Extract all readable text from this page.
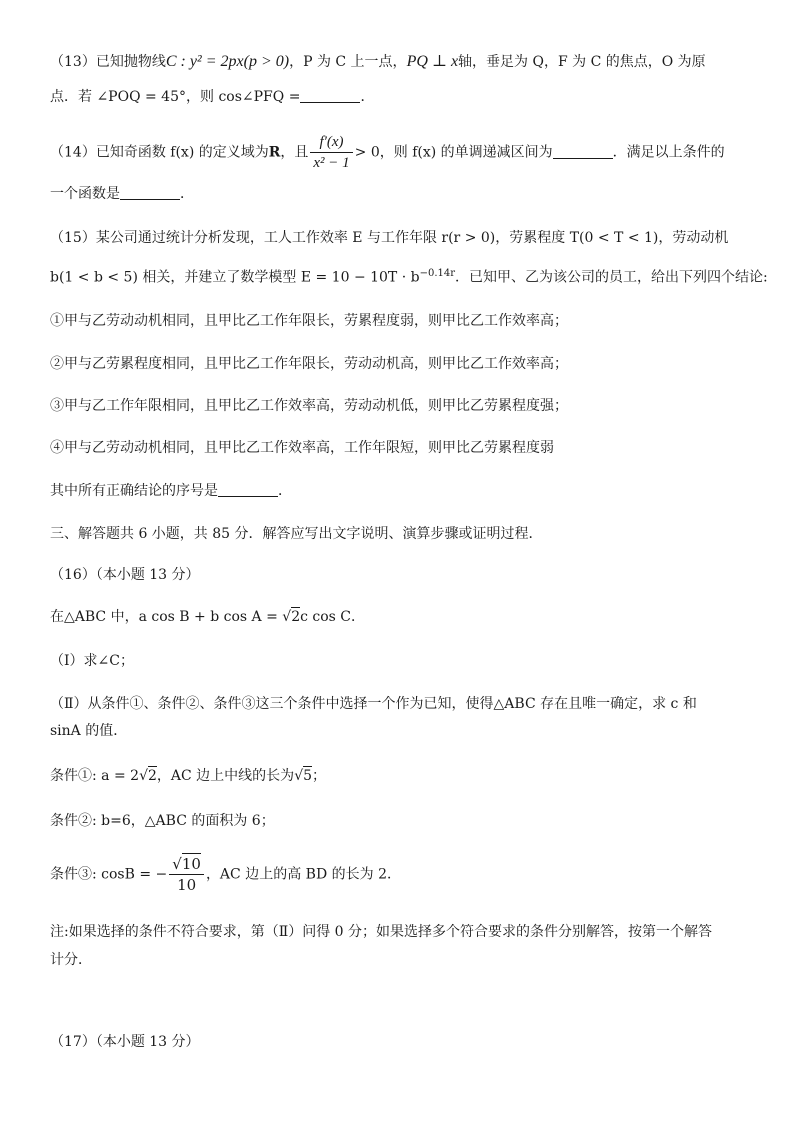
（13）已知抛物线C : y² = 2px(p > 0)，P 为 C 上一点，PQ ⊥ x轴，垂足为 Q，F 为 C 的焦点，O 为原
点．若 ∠POQ = 45°，则 cos∠PFQ =	．
（14）已知奇函数 f(x) 的定义域为R，且 $\frac{f'(x)}{\text{x² − 1}} > 0$，则 f(x) 的单调递减区间为	．满足以上条件的
一个函数是	．
（15）某公司通过统计分析发现，工人工作效率 E 与工作年限 r(r > 0)，劳累程度 T(0 < T < 1)，劳动动机
b(1 < b < 5) 相关，并建立了数学模型 $E = 10 - 10T \cdot b^{-0.14r}$．已知甲、乙为该公司的员工，给出下列四个结论:
①甲与乙劳动动机相同，且甲比乙工作年限长，劳累程度弱，则甲比乙工作效率高；
②甲与乙劳累程度相同，且甲比乙工作年限长，劳动动机高，则甲比乙工作效率高；
③甲与乙工作年限相同，且甲比乙工作效率高，劳动动机低，则甲比乙劳累程度强；
④甲与乙劳动动机相同，且甲比乙工作效率高，工作年限短，则甲比乙劳累程度弱
其中所有正确结论的序号是	．
三、解答题共 6 小题，共 85 分．解答应写出文字说明、演算步骤或证明过程．
（16）（本小题 13 分）
在△ABC 中，a cos B + b cos A = √2c cos C．
（Ⅰ）求∠C；
（Ⅱ）从条件①、条件②、条件③这三个条件中选择一个作为已知，使得△ABC 存在且唯一确定，求 c 和
sinA 的值．
条件①: a = 2√2，AC 边上中线的长为√5；
条件②: b=6，△ABC 的面积为 6；
条件③: cosB = − $\frac{√10}{10}$ ，AC 边上的高 BD 的长为 2．
注:如果选择的条件不符合要求，第（Ⅱ）问得 0 分；如果选择多个符合要求的条件分别解答，按第一个解答
计分．
（17）（本小题 13 分）
